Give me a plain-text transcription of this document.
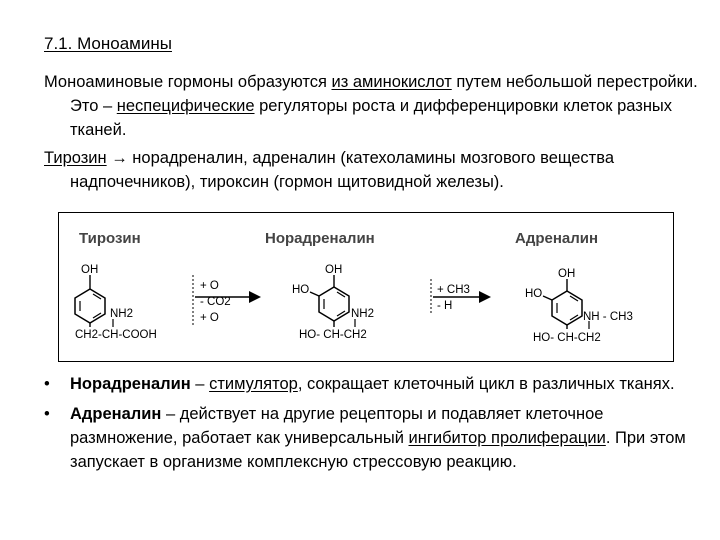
7.1. Моноамины
Моноаминовые гормоны образуются из аминокислот путем небольшой перестройки. Это – неспецифические регуляторы роста и дифференцировки клеток разных тканей.
Тирозин → норадреналин, адреналин (катехоламины мозгового вещества надпочечников), тироксин (гормон щитовидной железы).
Тирозин	Норадреналин	Адреналин
OH
NH2
CH2-CH-COOH
+ O
- CO2
+ O
OH
HO
NH2
HO- CH-CH2
+ CH3
- H
OH
HO
NH - CH3
HO- CH-CH2
• Норадреналин – стимулятор, сокращает клеточный цикл в различных тканях.
• Адреналин – действует на другие рецепторы и подавляет клеточное размножение, работает как универсальный ингибитор пролиферации. При этом запускает в организме комплексную стрессовую реакцию.
